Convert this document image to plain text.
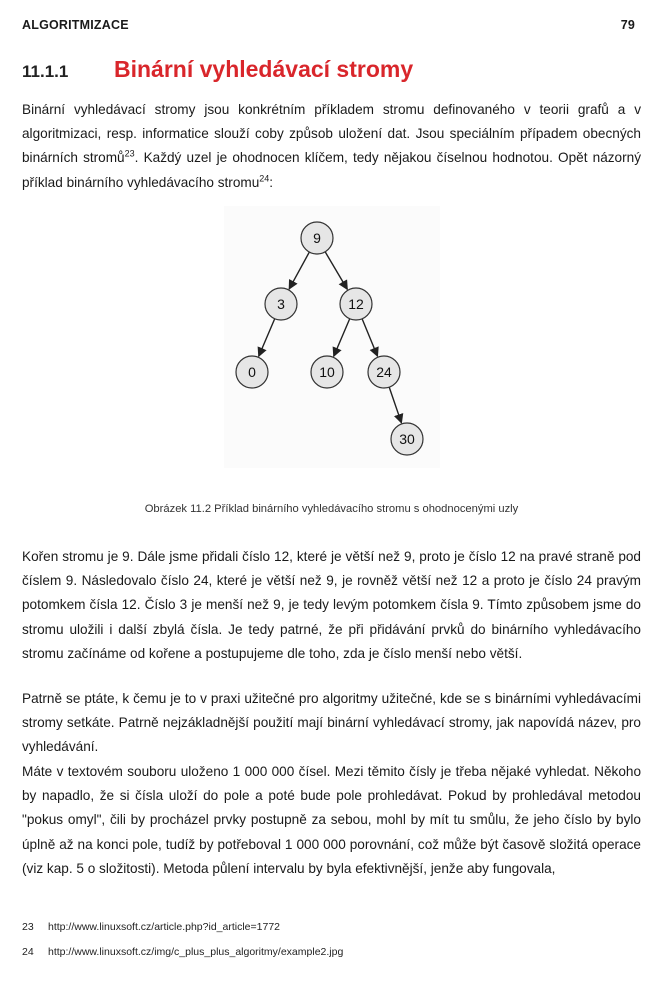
ALGORITMIZACE	79
11.1.1 Binární vyhledávací stromy

Binární vyhledávací stromy jsou konkrétním příkladem stromu definovaného v teorii grafů a v algoritmizaci, resp. informatice slouží coby způsob uložení dat. Jsou speciálním případem obecných binárních stromů$^{23}$. Každý uzel je ohodnocen klíčem, tedy nějakou číselnou hodnotou. Opět názorný příklad binárního vyhledávacího stromu$^{24}$:

9
3	12
0	10	24
30
Obrázek 11.2 Příklad binárního vyhledávacího stromu s ohodnocenými uzly

Kořen stromu je 9. Dále jsme přidali číslo 12, které je větší než 9, proto je číslo 12 na pravé straně pod číslem 9. Následovalo číslo 24, které je větší než 9, je rovněž větší než 12 a proto je číslo 24 pravým potomkem čísla 12. Číslo 3 je menší než 9, je tedy levým potomkem čísla 9. Tímto způsobem jsme do stromu uložili i další zbylá čísla. Je tedy patrné, že při přidávání prvků do binárního vyhledávacího stromu začínáme od kořene a postupujeme dle toho, zda je číslo menší nebo větší.

Patrně se ptáte, k čemu je to v praxi užitečné pro algoritmy užitečné, kde se s binárními vyhledávacími stromy setkáte. Patrně nejzákladnější použití mají binární vyhledávací stromy, jak napovídá název, pro vyhledávání.

Máte v textovém souboru uloženo 1 000 000 čísel. Mezi těmito čísly je třeba nějaké vyhledat. Někoho by napadlo, že si čísla uloží do pole a poté bude pole prohledávat. Pokud by prohledával metodou "pokus omyl", čili by procházel prvky postupně za sebou, mohl by mít tu smůlu, že jeho číslo by bylo úplně až na konci pole, tudíž by potřeboval 1 000 000 porovnání, což může být časově složitá operace (viz kap. 5 o složitosti). Metoda půlení intervalu by byla efektivnější, jenže aby fungovala,

23 http://www.linuxsoft.cz/article.php?id_article=1772
24 http://www.linuxsoft.cz/img/c_plus_plus_algoritmy/example2.jpg
